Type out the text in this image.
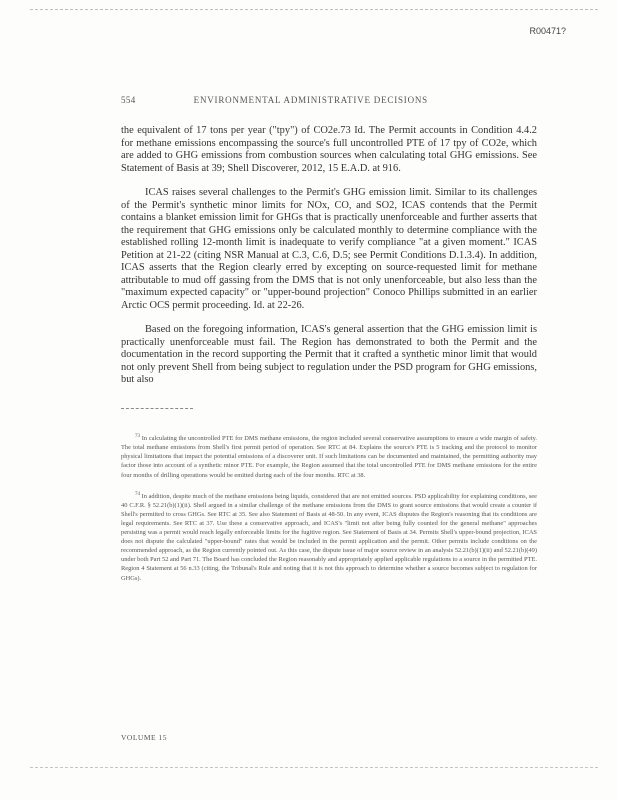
R00471?
554	ENVIRONMENTAL ADMINISTRATIVE DECISIONS

the equivalent of 17 tons per year ("tpy") of CO2e.73 Id. The Permit accounts in Condition 4.4.2 for methane emissions encompassing the source's full uncontrolled PTE of 17 tpy of CO2e, which are added to GHG emissions from combustion sources when calculating total GHG emissions. See Statement of Basis at 39; Shell Discoverer, 2012, 15 E.A.D. at 916.

ICAS raises several challenges to the Permit's GHG emission limit. Similar to its challenges of the Permit's synthetic minor limits for NOx, CO, and SO2, ICAS contends that the Permit contains a blanket emission limit for GHGs that is practically unenforceable and further asserts that the requirement that GHG emissions only be calculated monthly to determine compliance with the established rolling 12-month limit is inadequate to verify compliance "at a given moment." ICAS Petition at 21-22 (citing NSR Manual at C.3, C.6, D.5; see Permit Conditions D.1.3.4). In addition, ICAS asserts that the Region clearly erred by excepting on source-requested limit for methane attributable to mud off gassing from the DMS that is not only unenforceable, but also less than the "maximum expected capacity" or "upper-bound projection" Conoco Phillips submitted in an earlier Arctic OCS permit proceeding. Id. at 22-26.

Based on the foregoing information, ICAS's general assertion that the GHG emission limit is practically unenforceable must fail. The Region has demonstrated to both the Permit and the documentation in the record supporting the Permit that it crafted a synthetic minor limit that would not only prevent Shell from being subject to regulation under the PSD program for GHG emissions, but also

$^{73}$ In calculating the uncontrolled PTE for DMS methane emissions, the region included several conservative assumptions to ensure a wide margin of safety. The total methane emissions from Shell's first permit period of operation. See RTC at 84. Explains the source's PTE is 5 tracking and the protocol to monitor physical limitations that impact the potential emissions of a discoverer unit. If such limitations can be documented and maintained, the permitting authority may factor those into account of a synthetic minor PTE. For example, the Region assumed that the total uncontrolled PTE for DMS methane emissions for the entire four months of drilling operations would be emitted during each of the four months. RTC at 38.

$^{74}$ In addition, despite much of the methane emissions being liquids, considered that are not emitted sources. PSD applicability for explaining conditions, see 40 C.F.R. § 52.21(b)(1)(ii). Shell argued in a similar challenge of the methane emissions from the DMS to grant source emissions that would create a counter if Shell's permitted to cross GHGs. See RTC at 35. See also Statement of Basis at 48-50. In any event, ICAS disputes the Region's reasoning that its conditions are legal requirements. See RTC at 37. Use these a conservative approach, and ICAS's "limit not after being fully counted for the general methane" approaches persisting was a permit would reach legally enforceable limits for the fugitive region. See Statement of Basis at 34. Permits Shell's upper-bound projection, ICAS does not dispute the calculated "upper-bound" rates that would be included in the permit application and the permit. Other permits include conditions on the recommended approach, as the Region currently pointed out. As this case, the dispute issue of major source review in an analysis 52.21(b)(1)(ii) and 52.21(b)(49) under both Part 52 and Part 71. The Board has concluded the Region reasonably and appropriately applied applicable regulations to a source in the permitted PTE. Region 4 Statement at 56 n.33 (citing, the Tribunal's Rule and noting that it is not this approach to determine whether a source becomes subject to regulation for GHGs).

VOLUME 15
